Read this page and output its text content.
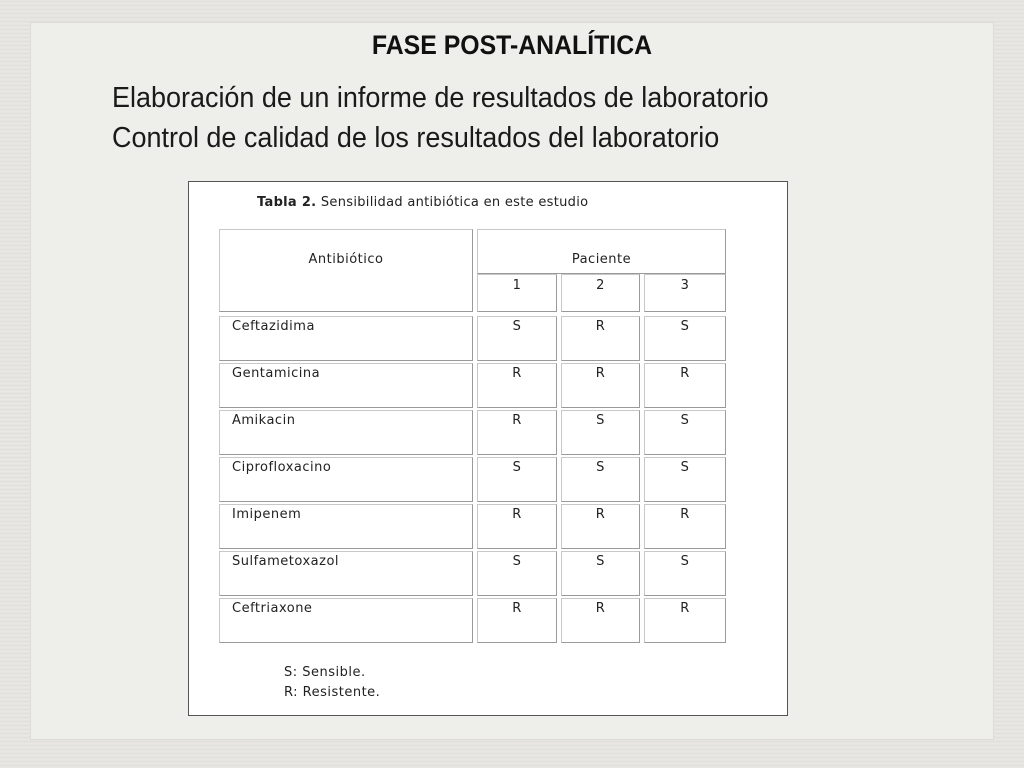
FASE POST-ANALÍTICA
Elaboración de un informe de resultados de laboratorio
Control de calidad de los resultados del laboratorio
Tabla 2. Sensibilidad antibiótica en este estudio
Antibiótico	Paciente
1	2	3
Ceftazidima	S	R	S
Gentamicina	R	R	R
Amikacin	R	S	S
Ciprofloxacino	S	S	S
Imipenem	R	R	R
Sulfametoxazol	S	S	S
Ceftriaxone	R	R	R
S: Sensible.
R: Resistente.
